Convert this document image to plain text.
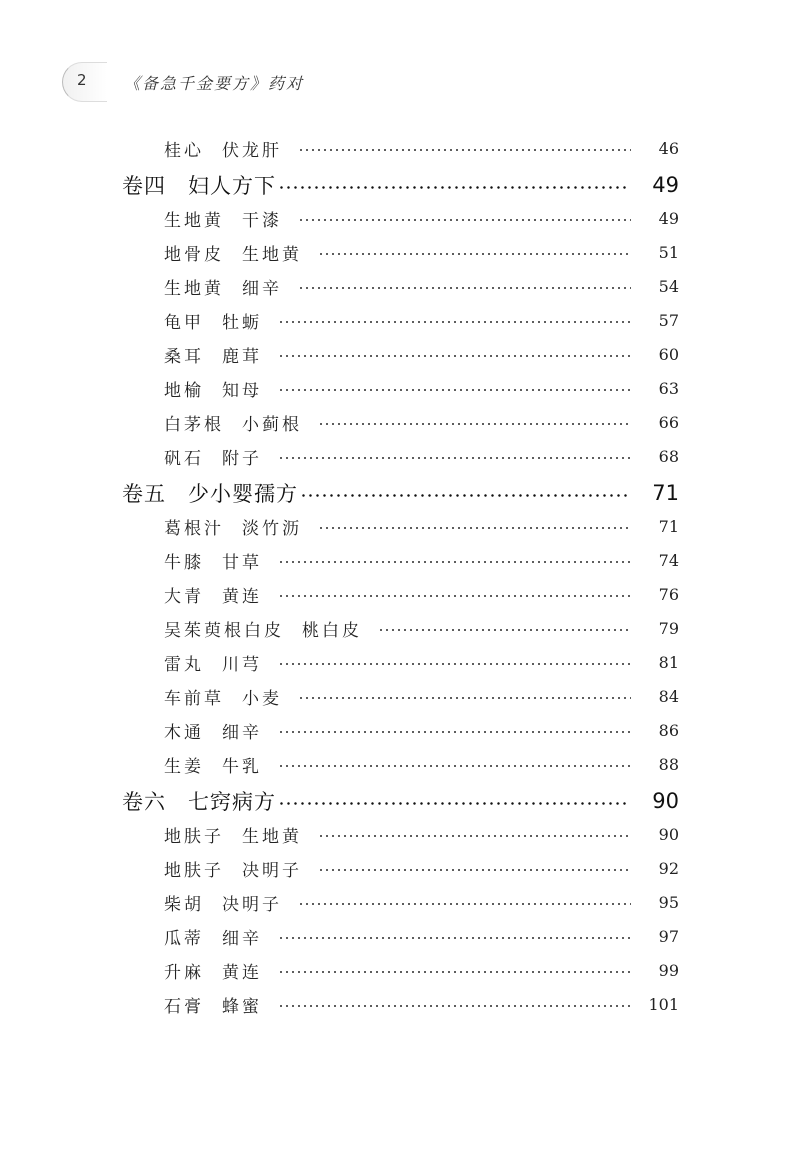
2 《备急千金要方》药对
桂心 伏龙肝	46
卷四 妇人方下	49
生地黄 干漆	49
地骨皮 生地黄	51
生地黄 细辛	54
龟甲 牡蛎	57
桑耳 鹿茸	60
地榆 知母	63
白茅根 小蓟根	66
矾石 附子	68
卷五 少小婴孺方	71
葛根汁 淡竹沥	71
牛膝 甘草	74
大青 黄连	76
吴茱萸根白皮 桃白皮	79
雷丸 川芎	81
车前草 小麦	84
木通 细辛	86
生姜 牛乳	88
卷六 七窍病方	90
地肤子 生地黄	90
地肤子 决明子	92
柴胡 决明子	95
瓜蒂 细辛	97
升麻 黄连	99
石膏 蜂蜜	101
